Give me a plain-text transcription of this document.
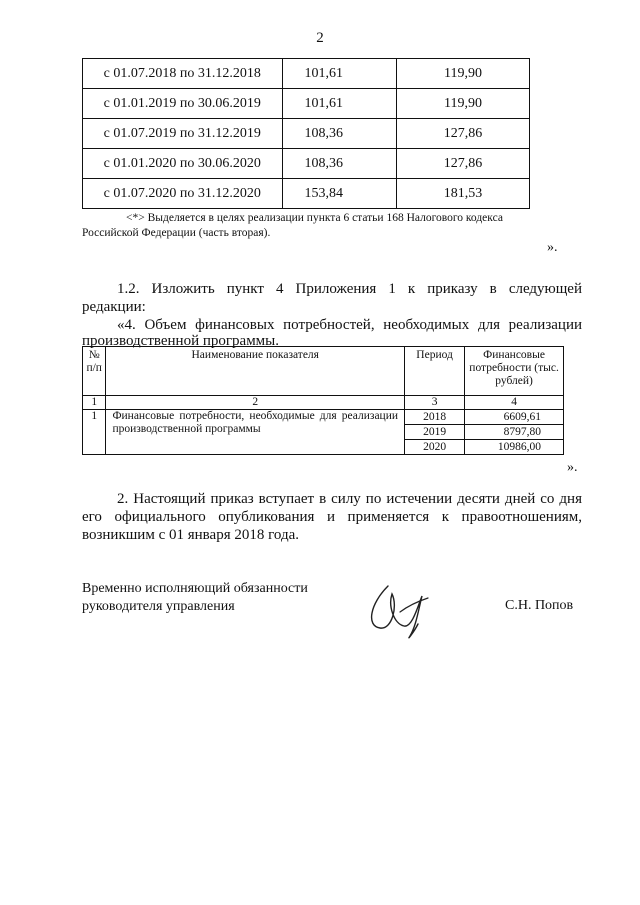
2
с 01.07.2018 по 31.12.2018	101,61	119,90
с 01.01.2019 по 30.06.2019	101,61	119,90
с 01.07.2019 по 31.12.2019	108,36	127,86
с 01.01.2020 по 30.06.2020	108,36	127,86
с 01.07.2020 по 31.12.2020	153,84	181,53
<*> Выделяется в целях реализации пункта 6 статьи 168 Налогового кодекса
Российской Федерации (часть вторая).
».
1.2. Изложить пункт 4 Приложения 1 к приказу в следующей
редакции:
«4. Объем финансовых потребностей, необходимых для реализации
производственной программы.
№ п/п	Наименование показателя	Период	Финансовые потребности (тыс. рублей)
1	2	3	4
1	Финансовые потребности, необходимые для реализации производственной программы	2018	6609,61
		2019	8797,80
		2020	10986,00
».
2. Настоящий приказ вступает в силу по истечении десяти дней со дня
его официального опубликования и применяется к правоотношениям,
возникшим с 01 января 2018 года.
Временно исполняющий обязанности
руководителя управления	С.Н. Попов
